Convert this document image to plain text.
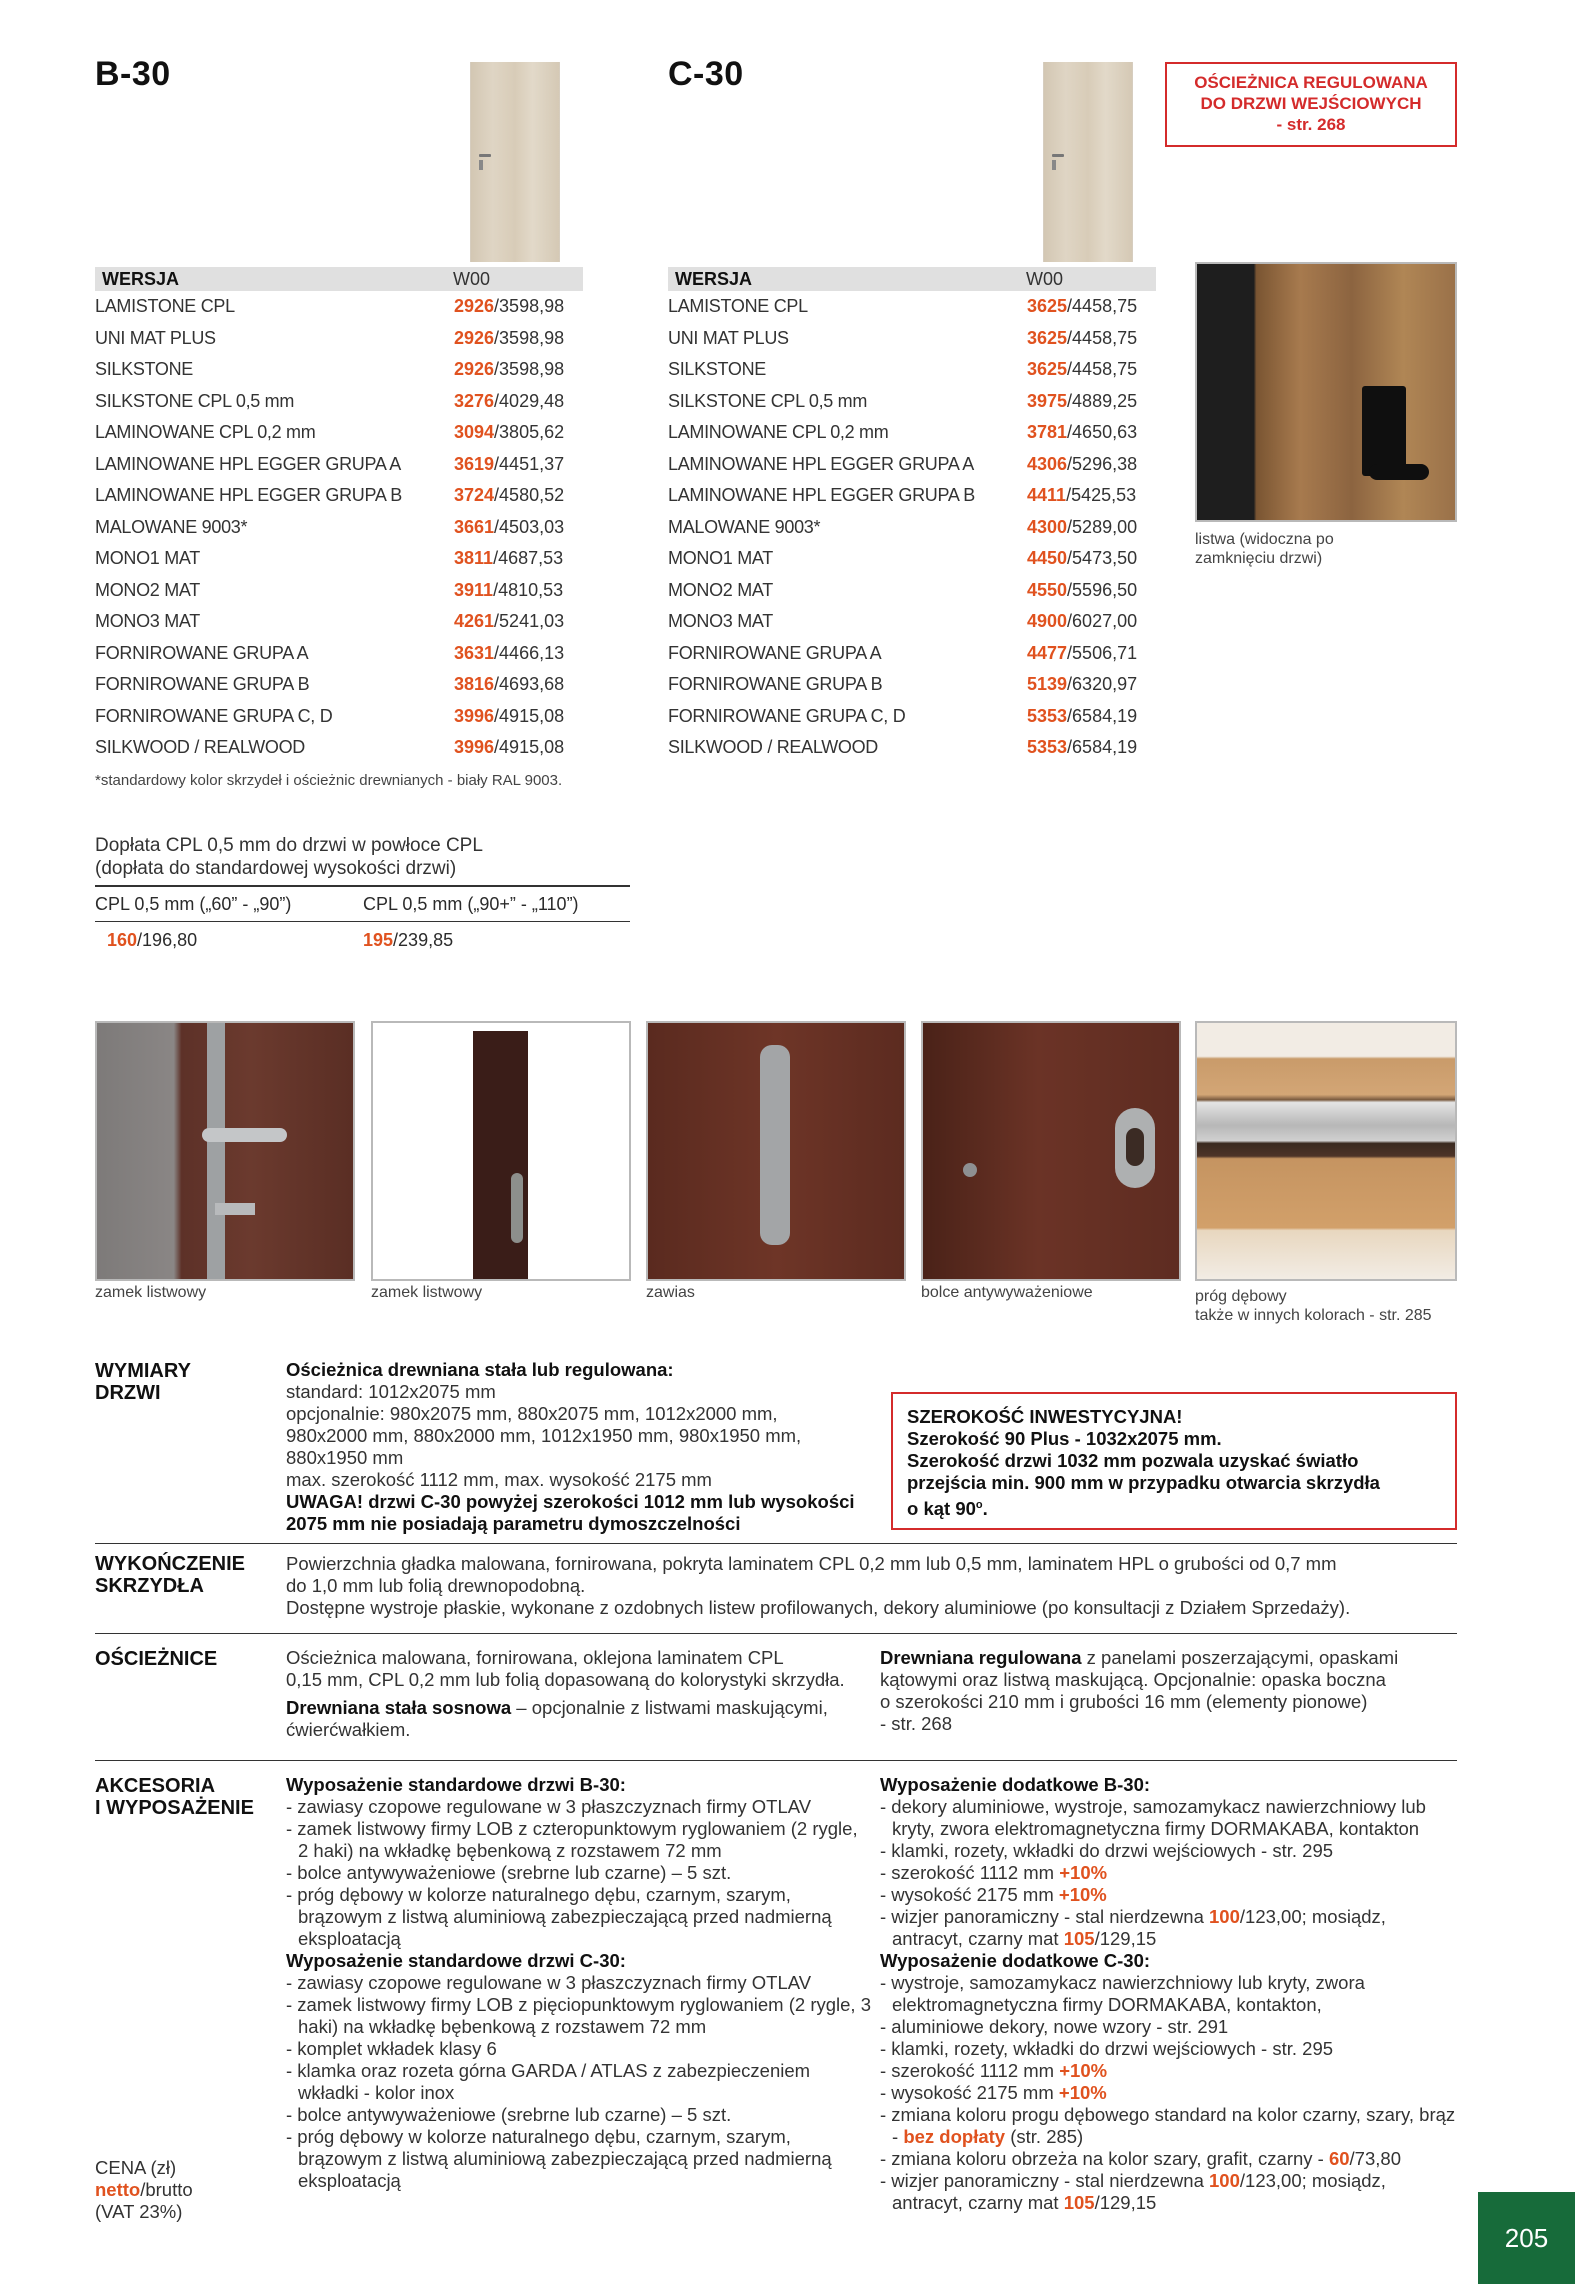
B-30	C-30	OŚCIEŻNICA REGULOWANA
DO DRZWI WEJŚCIOWYCH
- str. 268
WERSJA	W00
LAMISTONE CPL	2926/3598,98
UNI MAT PLUS	2926/3598,98
SILKSTONE	2926/3598,98
SILKSTONE CPL 0,5 mm	3276/4029,48
LAMINOWANE CPL 0,2 mm	3094/3805,62
LAMINOWANE HPL EGGER GRUPA A	3619/4451,37
LAMINOWANE HPL EGGER GRUPA B	3724/4580,52
MALOWANE 9003*	3661/4503,03
MONO1 MAT	3811/4687,53
MONO2 MAT	3911/4810,53
MONO3 MAT	4261/5241,03
FORNIROWANE GRUPA A	3631/4466,13
FORNIROWANE GRUPA B	3816/4693,68
FORNIROWANE GRUPA C, D	3996/4915,08
SILKWOOD / REALWOOD	3996/4915,08
WERSJA	W00
LAMISTONE CPL	3625/4458,75
UNI MAT PLUS	3625/4458,75
SILKSTONE	3625/4458,75
SILKSTONE CPL 0,5 mm	3975/4889,25
LAMINOWANE CPL 0,2 mm	3781/4650,63
LAMINOWANE HPL EGGER GRUPA A	4306/5296,38
LAMINOWANE HPL EGGER GRUPA B	4411/5425,53
MALOWANE 9003*	4300/5289,00
MONO1 MAT	4450/5473,50
MONO2 MAT	4550/5596,50
MONO3 MAT	4900/6027,00
FORNIROWANE GRUPA A	4477/5506,71
FORNIROWANE GRUPA B	5139/6320,97
FORNIROWANE GRUPA C, D	5353/6584,19
SILKWOOD / REALWOOD	5353/6584,19
listwa (widoczna po zamknięciu drzwi)
*standardowy kolor skrzydeł i ościeżnic drewnianych - biały RAL 9003.
Dopłata CPL 0,5 mm do drzwi w powłoce CPL
(dopłata do standardowej wysokości drzwi)
CPL 0,5 mm („60” - „90”)	CPL 0,5 mm („90+” - „110”)
160/196,80	195/239,85
zamek listwowy	zamek listwowy	zawias	bolce antywyważeniowe	próg dębowy
także w innych kolorach - str. 285
WYMIARY
DRZWI
Ościeżnica drewniana stała lub regulowana:
standard: 1012x2075 mm
opcjonalnie: 980x2075 mm, 880x2075 mm, 1012x2000 mm,
980x2000 mm, 880x2000 mm, 1012x1950 mm, 980x1950 mm,
880x1950 mm
max. szerokość 1112 mm, max. wysokość 2175 mm
UWAGA! drzwi C-30 powyżej szerokości 1012 mm lub wysokości
2075 mm nie posiadają parametru dymoszczelności
SZEROKOŚĆ INWESTYCYJNA!
Szerokość 90 Plus - 1032x2075 mm.
Szerokość drzwi 1032 mm pozwala uzyskać światło
przejścia min. 900 mm w przypadku otwarcia skrzydła
o kąt 90$^o$.
WYKOŃCZENIE
SKRZYDŁA
Powierzchnia gładka malowana, fornirowana, pokryta laminatem CPL 0,2 mm lub 0,5 mm, laminatem HPL o grubości od 0,7 mm
do 1,0 mm lub folią drewnopodobną.
Dostępne wystroje płaskie, wykonane z ozdobnych listew profilowanych, dekory aluminiowe (po konsultacji z Działem Sprzedaży).
OŚCIEŻNICE	Ościeżnica malowana, fornirowana, oklejona laminatem CPL
0,15 mm, CPL 0,2 mm lub folią dopasowaną do kolorystyki skrzydła.
Drewniana stała sosnowa – opcjonalnie z listwami maskującymi,
ćwierćwałkiem.
Drewniana regulowana z panelami poszerzającymi, opaskami
kątowymi oraz listwą maskującą. Opcjonalnie: opaska boczna
o szerokości 210 mm i grubości 16 mm (elementy pionowe)
- str. 268
AKCESORIA
I WYPOSAŻENIE
Wyposażenie standardowe drzwi B-30:
- zawiasy czopowe regulowane w 3 płaszczyznach firmy OTLAV
- zamek listwowy firmy LOB z czteropunktowym ryglowaniem (2 rygle, 2 haki) na wkładkę bębenkową z rozstawem 72 mm
- bolce antywyważeniowe (srebrne lub czarne) – 5 szt.
- próg dębowy w kolorze naturalnego dębu, czarnym, szarym, brązowym z listwą aluminiową zabezpieczającą przed nadmierną eksploatacją
Wyposażenie standardowe drzwi C-30:
- zawiasy czopowe regulowane w 3 płaszczyznach firmy OTLAV
- zamek listwowy firmy LOB z pięciopunktowym ryglowaniem (2 rygle, 3 haki) na wkładkę bębenkową z rozstawem 72 mm
- komplet wkładek klasy 6
- klamka oraz rozeta górna GARDA / ATLAS z zabezpieczeniem wkładki - kolor inox
- bolce antywyważeniowe (srebrne lub czarne) – 5 szt.
- próg dębowy w kolorze naturalnego dębu, czarnym, szarym, brązowym z listwą aluminiową zabezpieczającą przed nadmierną eksploatacją
Wyposażenie dodatkowe B-30:
- dekory aluminiowe, wystroje, samozamykacz nawierzchniowy lub kryty, zwora elektromagnetyczna firmy DORMAKABA, kontakton
- klamki, rozety, wkładki do drzwi wejściowych - str. 295
- szerokość 1112 mm +10%
- wysokość 2175 mm +10%
- wizjer panoramiczny - stal nierdzewna 100/123,00; mosiądz, antracyt, czarny mat 105/129,15
Wyposażenie dodatkowe C-30:
- wystroje, samozamykacz nawierzchniowy lub kryty, zwora elektromagnetyczna firmy DORMAKABA, kontakton,
- aluminiowe dekory, nowe wzory - str. 291
- klamki, rozety, wkładki do drzwi wejściowych - str. 295
- szerokość 1112 mm +10%
- wysokość 2175 mm +10%
- zmiana koloru progu dębowego standard na kolor czarny, szary, brąz - bez dopłaty (str. 285)
- zmiana koloru obrzeża na kolor szary, grafit, czarny - 60/73,80
- wizjer panoramiczny - stal nierdzewna 100/123,00; mosiądz, antracyt, czarny mat 105/129,15
CENA (zł)
netto/brutto
(VAT 23%)
205
